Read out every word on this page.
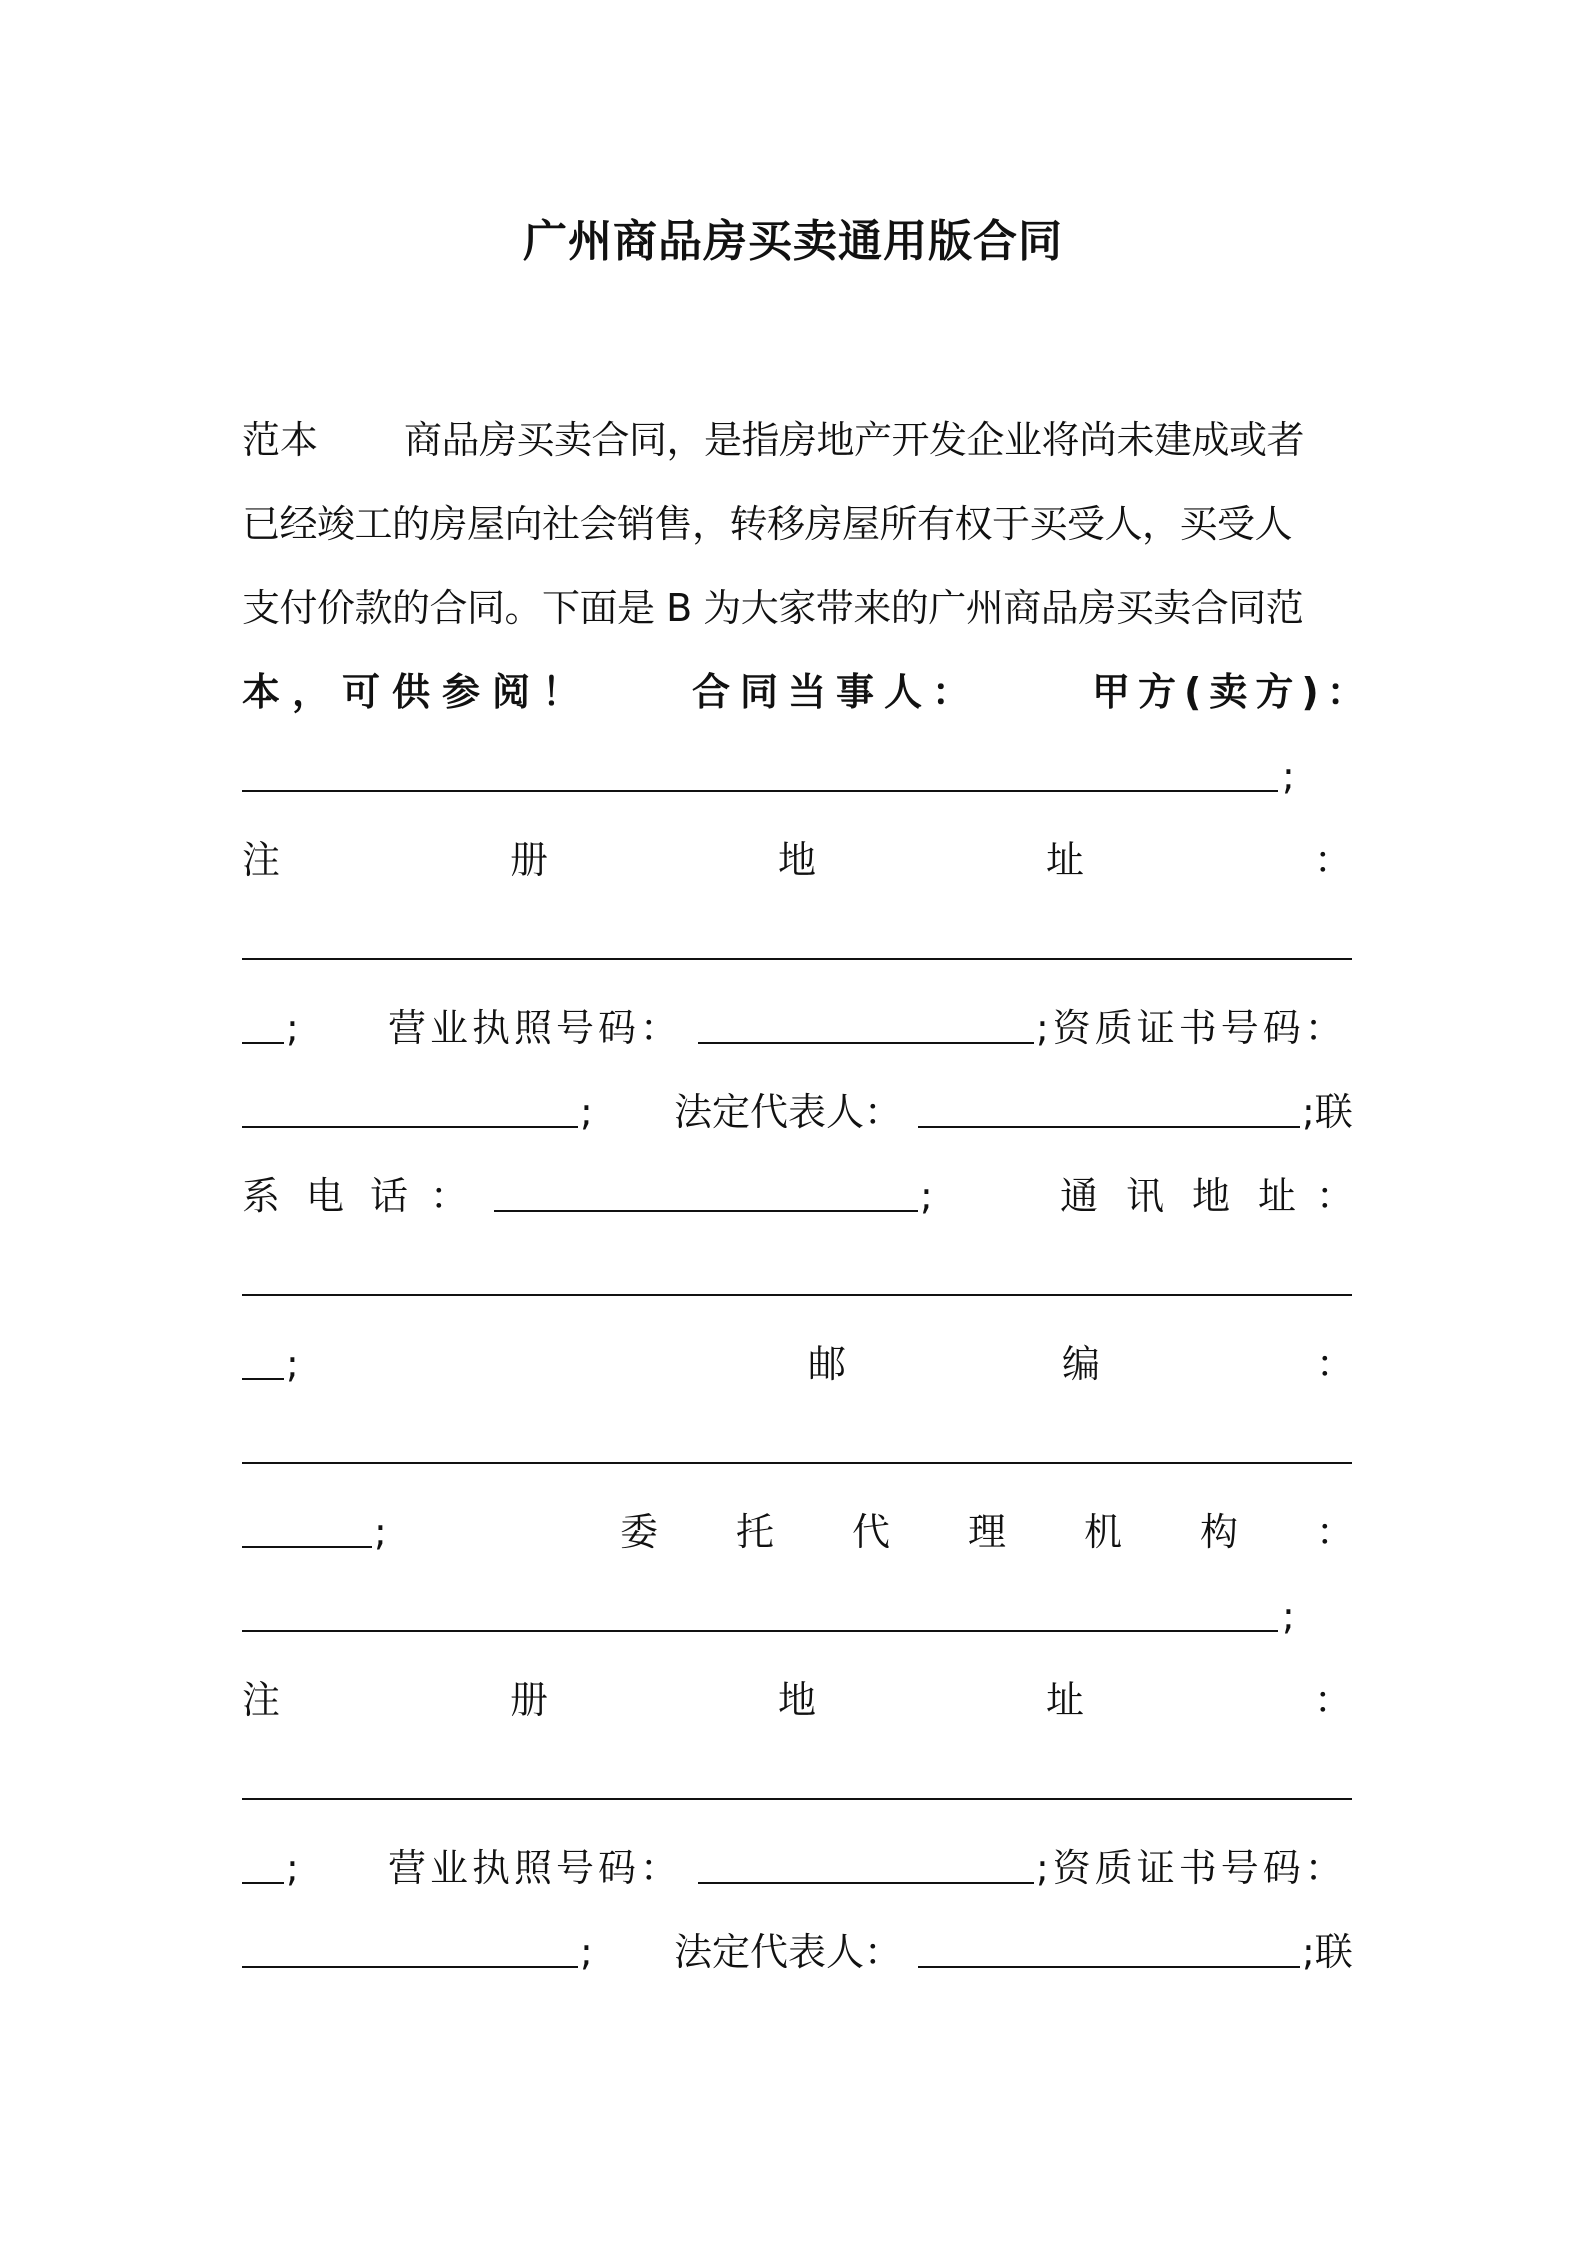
广州商品房买卖通用版合同
范本 商品房买卖合同，是指房地产开发企业将尚未建成或者
已经竣工的房屋向社会销售，转移房屋所有权于买受人，买受人
支付价款的合同。下面是 B 为大家带来的广州商品房买卖合同范
本，可供参阅！	合同当事人：	甲方(卖方)：
;
注	册	地	址	：
; 营业执照号码：	;资质证书号码：
; 法定代表人：	;联
系 电 话 ：	;	通 讯 地 址 ：
;	邮	编	：
;	委 托 代 理 机 构 ：
;
注	册	地	址	：
; 营业执照号码：	;资质证书号码：
; 法定代表人：	;联
